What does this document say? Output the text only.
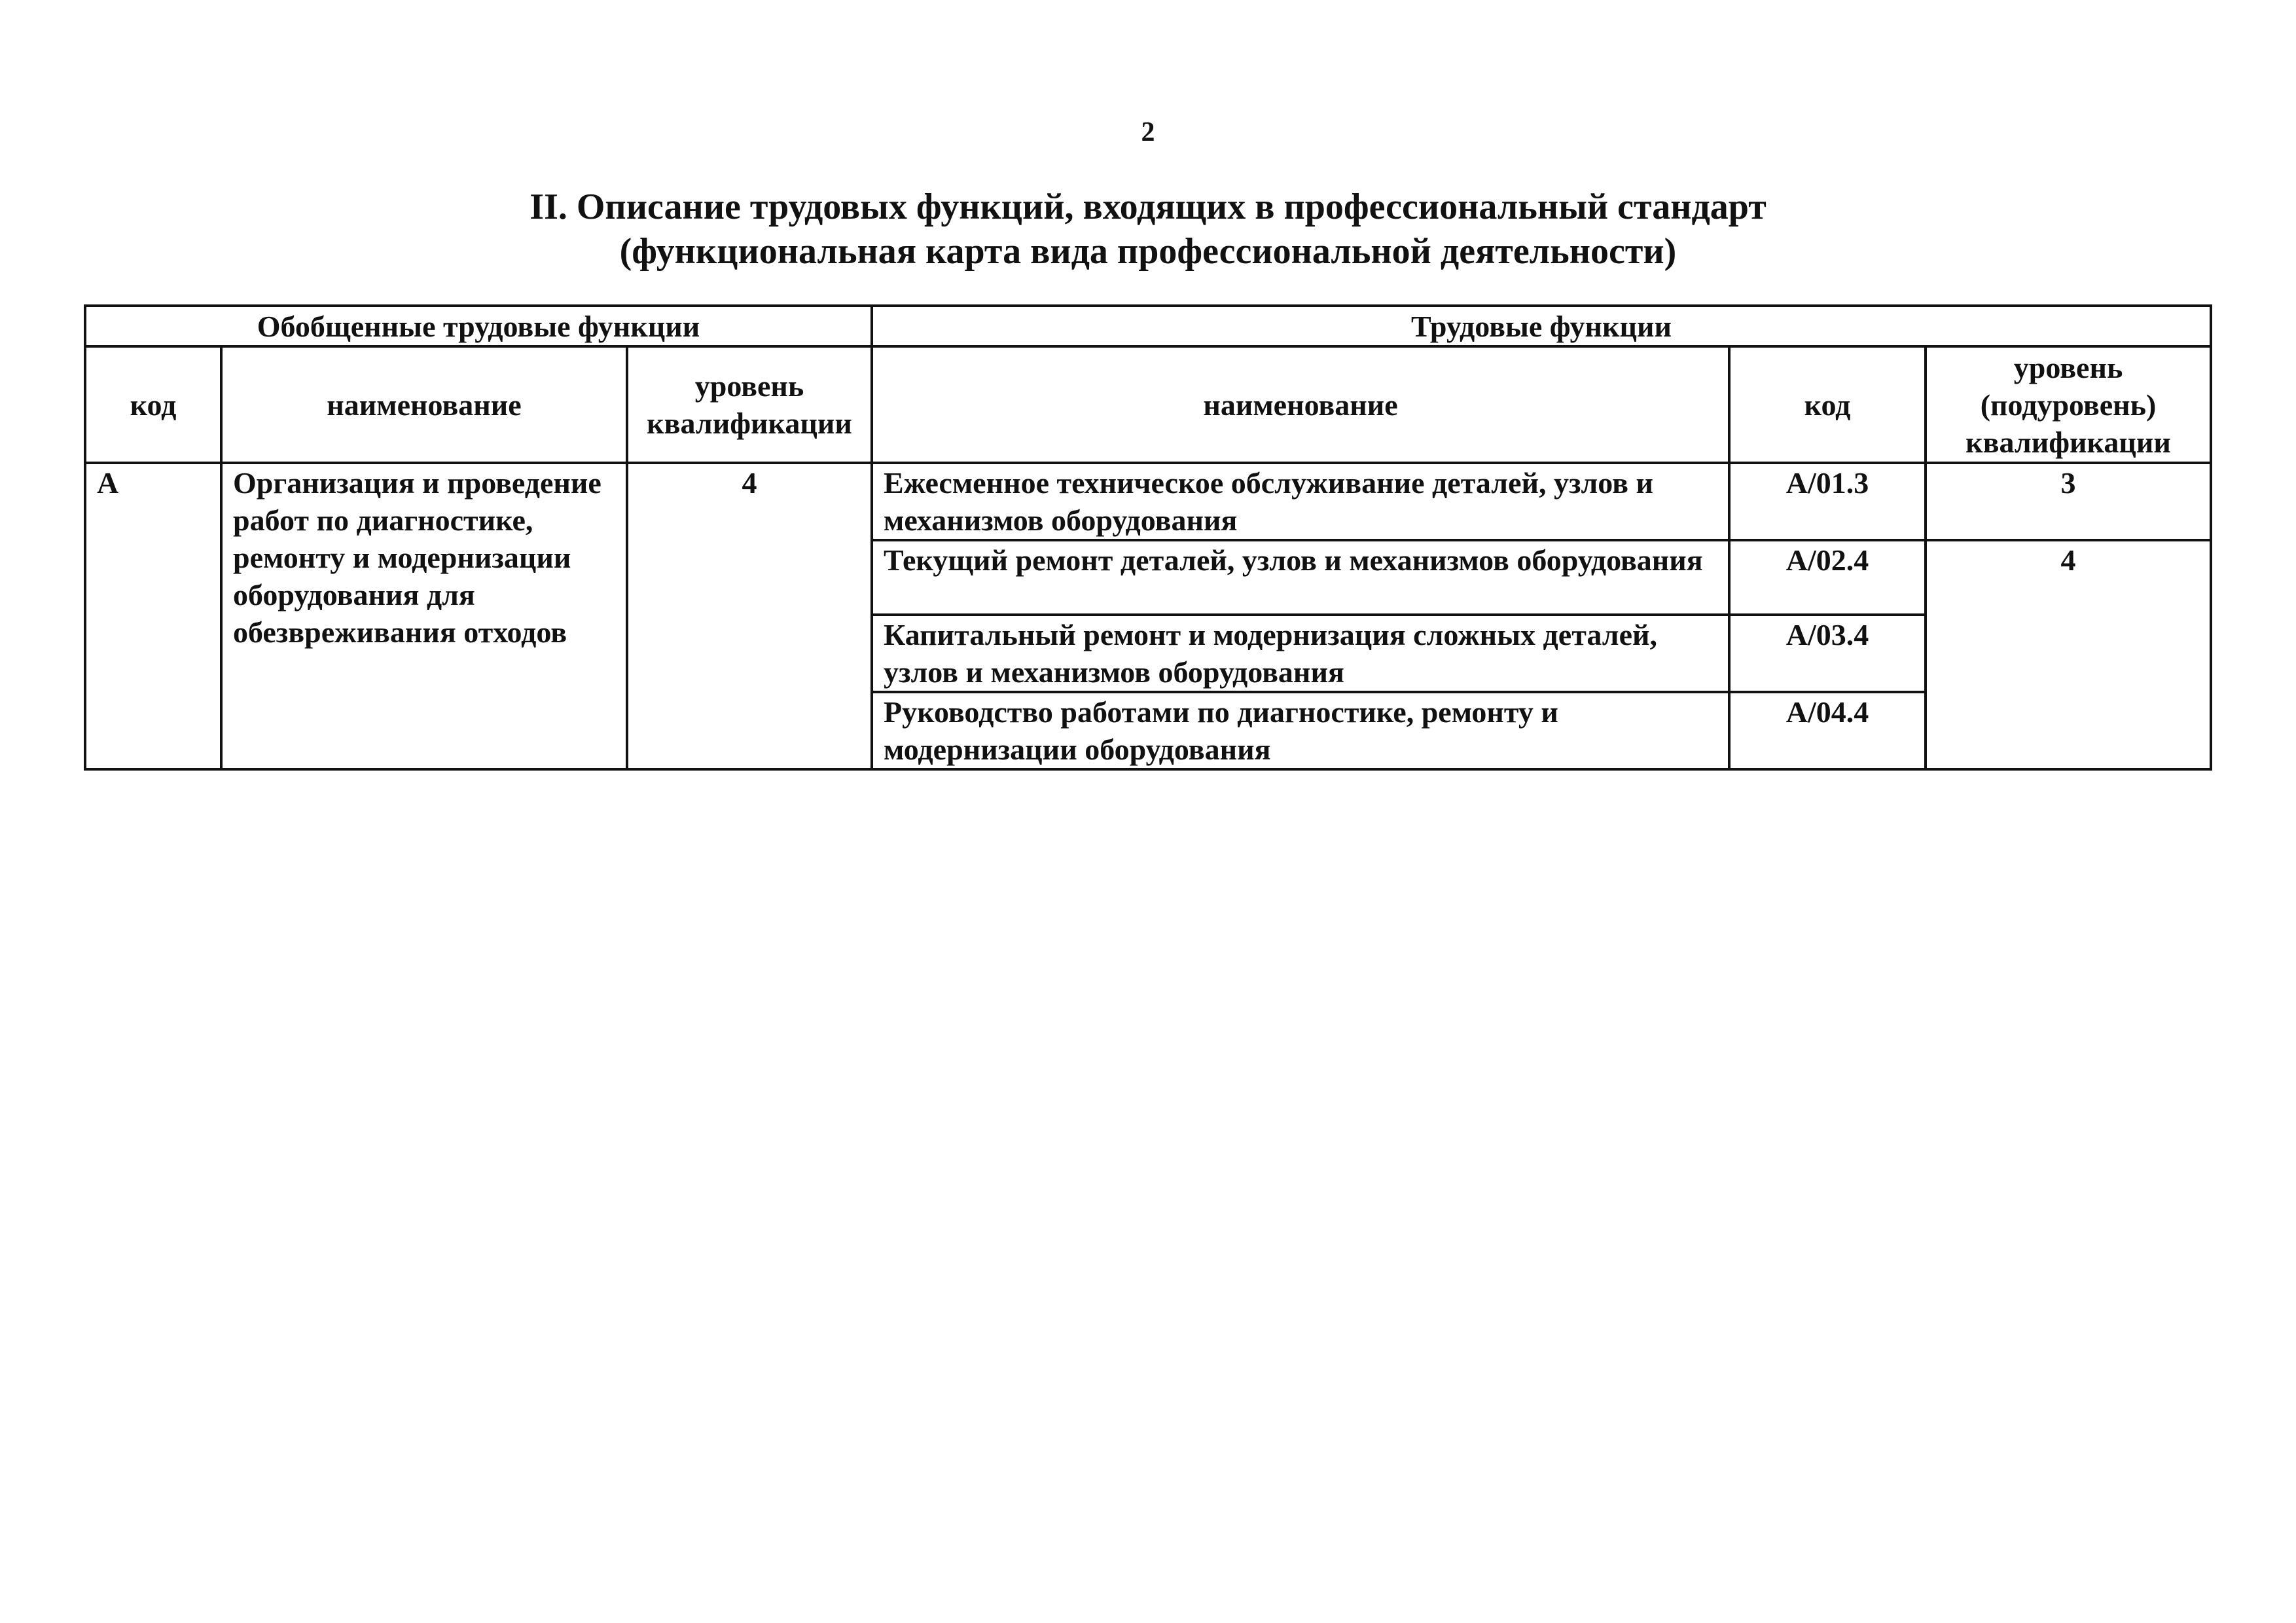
2
II. Описание трудовых функций, входящих в профессиональный стандарт
(функциональная карта вида профессиональной деятельности)
Обобщенные трудовые функции			Трудовые функции		
код	наименование	уровень квалификации	наименование	код	уровень (подуровень) квалификации
А	Организация и проведение работ по диагностике, ремонту и модернизации оборудования для обезвреживания отходов	4	Ежесменное техническое обслуживание деталей, узлов и механизмов оборудования	А/01.3	3
			Текущий ремонт деталей, узлов и механизмов оборудования	А/02.4	4
			Капитальный ремонт и модернизация сложных деталей, узлов и механизмов оборудования	А/03.4	
			Руководство работами по диагностике, ремонту и модернизации оборудования	А/04.4	
